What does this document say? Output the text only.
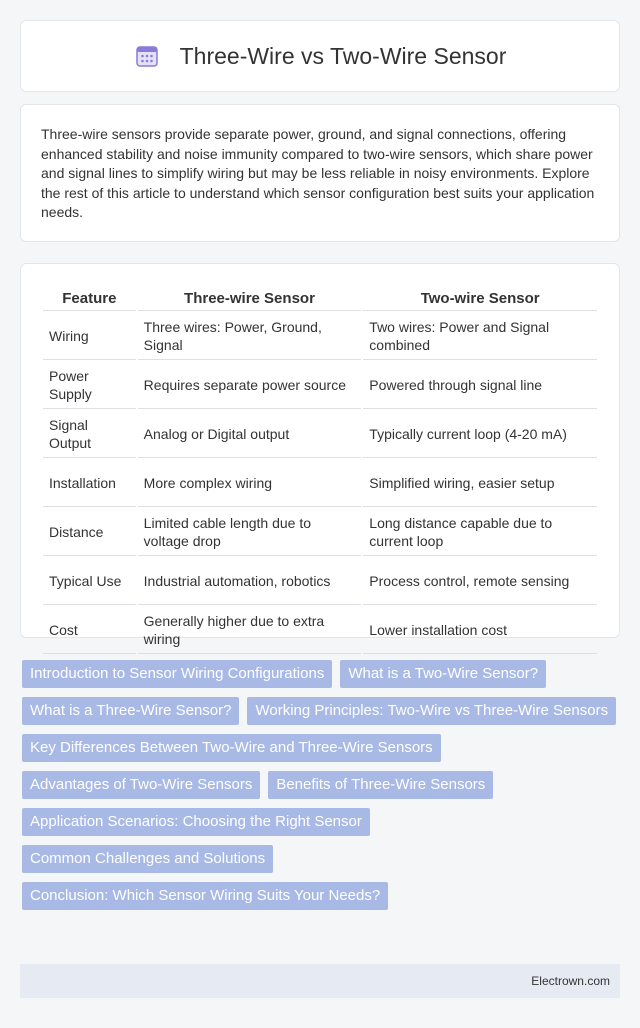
Three-Wire vs Two-Wire Sensor

Three-wire sensors provide separate power, ground, and signal connections, offering enhanced stability and noise immunity compared to two-wire sensors, which share power and signal lines to simplify wiring but may be less reliable in noisy environments. Explore the rest of this article to understand which sensor configuration best suits your application needs.

Feature	Three-wire Sensor	Two-wire Sensor
Wiring	Three wires: Power, Ground, Signal	Two wires: Power and Signal combined
Power Supply	Requires separate power source	Powered through signal line
Signal Output	Analog or Digital output	Typically current loop (4-20 mA)
Installation	More complex wiring	Simplified wiring, easier setup
Distance	Limited cable length due to voltage drop	Long distance capable due to current loop
Typical Use	Industrial automation, robotics	Process control, remote sensing
Cost	Generally higher due to extra wiring	Lower installation cost
Introduction to Sensor Wiring Configurations	What is a Two-Wire Sensor?
What is a Three-Wire Sensor?	Working Principles: Two-Wire vs Three-Wire Sensors
Key Differences Between Two-Wire and Three-Wire Sensors
Advantages of Two-Wire Sensors	Benefits of Three-Wire Sensors
Application Scenarios: Choosing the Right Sensor
Common Challenges and Solutions
Conclusion: Which Sensor Wiring Suits Your Needs?
Electrown.com
